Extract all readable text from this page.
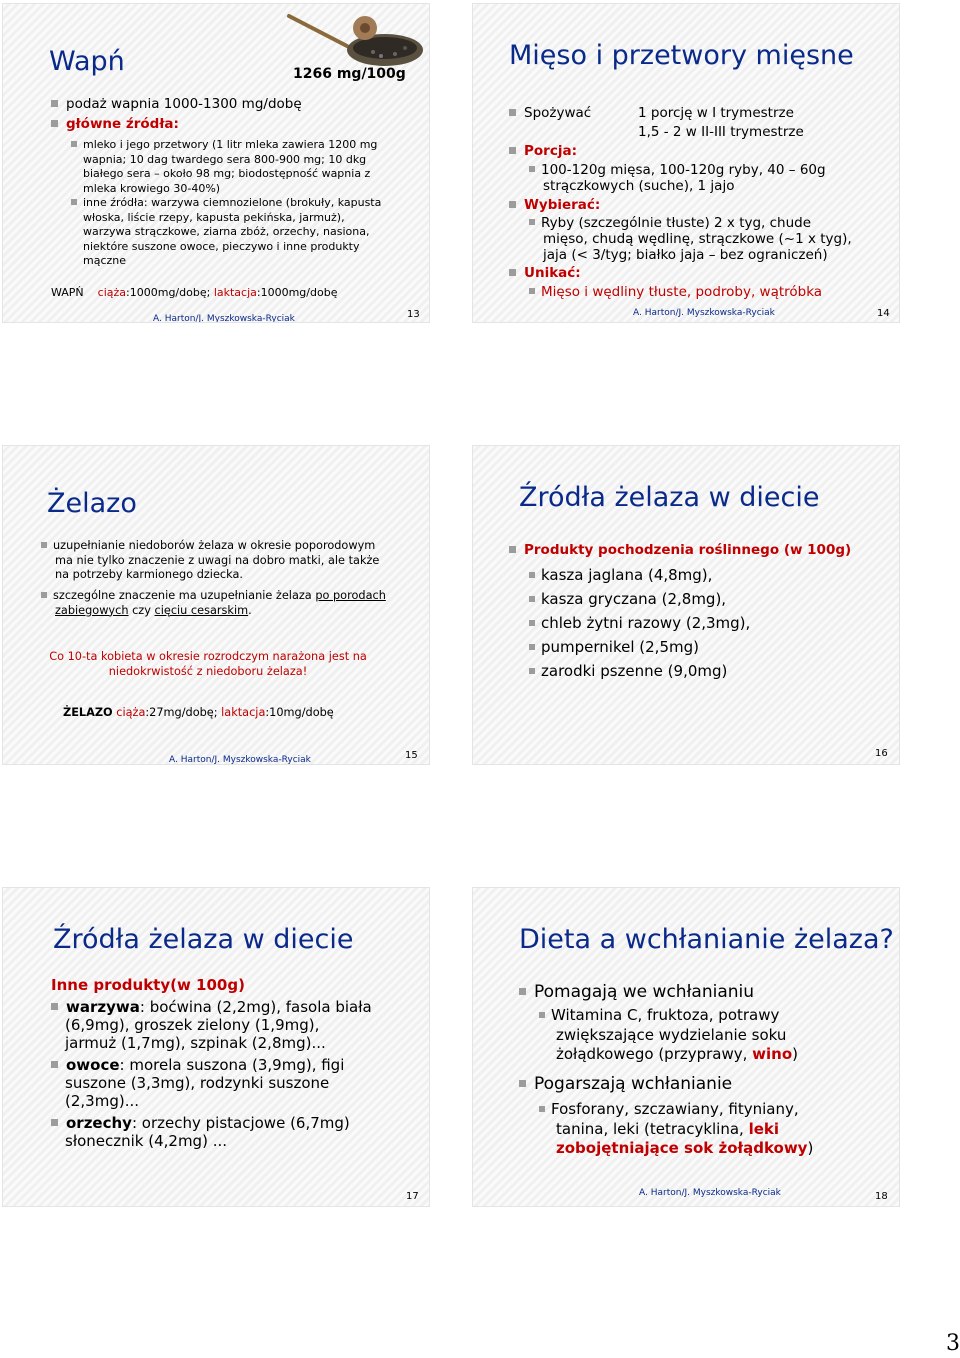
Wapń	1266 mg/100g
podaż wapnia 1000-1300 mg/dobę
główne źródła:
mleko i jego przetwory (1 litr mleka zawiera 1200 mg
wapnia; 10 dag twardego sera 800-900 mg; 10 dkg
białego sera – około 98 mg; biodostępność wapnia z
mleka krowiego 30-40%)
inne źródła: warzywa ciemnozielone (brokuły, kapusta
włoska, liście rzepy, kapusta pekińska, jarmuż),
warzywa strączkowe, ziarna zbóż, orzechy, nasiona,
niektóre suszone owoce, pieczywo i inne produkty
mączne
WAPŃ ciąża:1000mg/dobę; laktacja:1000mg/dobę
A. Harton/J. Myszkowska-Ryciak	13
Mięso i przetwory mięsne
Spożywać	1 porcję w I trymestrze
1,5 - 2 w II-III trymestrze
Porcja:
100-120g mięsa, 100-120g ryby, 40 – 60g
strączkowych (suche), 1 jajo
Wybierać:
Ryby (szczególnie tłuste) 2 x tyg, chude
mięso, chudą wędlinę, strączkowe (~1 x tyg),
jaja (< 3/tyg; białko jaja – bez ograniczeń)
Unikać:
Mięso i wędliny tłuste, podroby, wątróbka
A. Harton/J. Myszkowska-Ryciak	14
Żelazo
uzupełnianie niedoborów żelaza w okresie poporodowym
ma nie tylko znaczenie z uwagi na dobro matki, ale także
na potrzeby karmionego dziecka.
szczególne znaczenie ma uzupełnianie żelaza po porodach
zabiegowych czy cięciu cesarskim.
Co 10-ta kobieta w okresie rozrodczym narażona jest na
niedokrwistość z niedoboru żelaza!
ŻELAZO ciąża:27mg/dobę; laktacja:10mg/dobę
A. Harton/J. Myszkowska-Ryciak	15
Źródła żelaza w diecie
Produkty pochodzenia roślinnego (w 100g)
kasza jaglana (4,8mg),
kasza gryczana (2,8mg),
chleb żytni razowy (2,3mg),
pumpernikel (2,5mg)
zarodki pszenne (9,0mg)
16
Źródła żelaza w diecie
Inne produkty(w 100g)
warzywa: boćwina (2,2mg), fasola biała
(6,9mg), groszek zielony (1,9mg),
jarmuż (1,7mg), szpinak (2,8mg)...
owoce: morela suszona (3,9mg), figi
suszone (3,3mg), rodzynki suszone
(2,3mg)...
orzechy: orzechy pistacjowe (6,7mg)
słonecznik (4,2mg) ...
17
Dieta a wchłanianie żelaza?
Pomagają we wchłanianiu
Witamina C, fruktoza, potrawy
zwiększające wydzielanie soku
żołądkowego (przyprawy, wino)
Pogarszają wchłanianie
Fosforany, szczawiany, fityniany,
tanina, leki (tetracyklina, leki
zobojętniające sok żołądkowy)
A. Harton/J. Myszkowska-Ryciak	18
3
